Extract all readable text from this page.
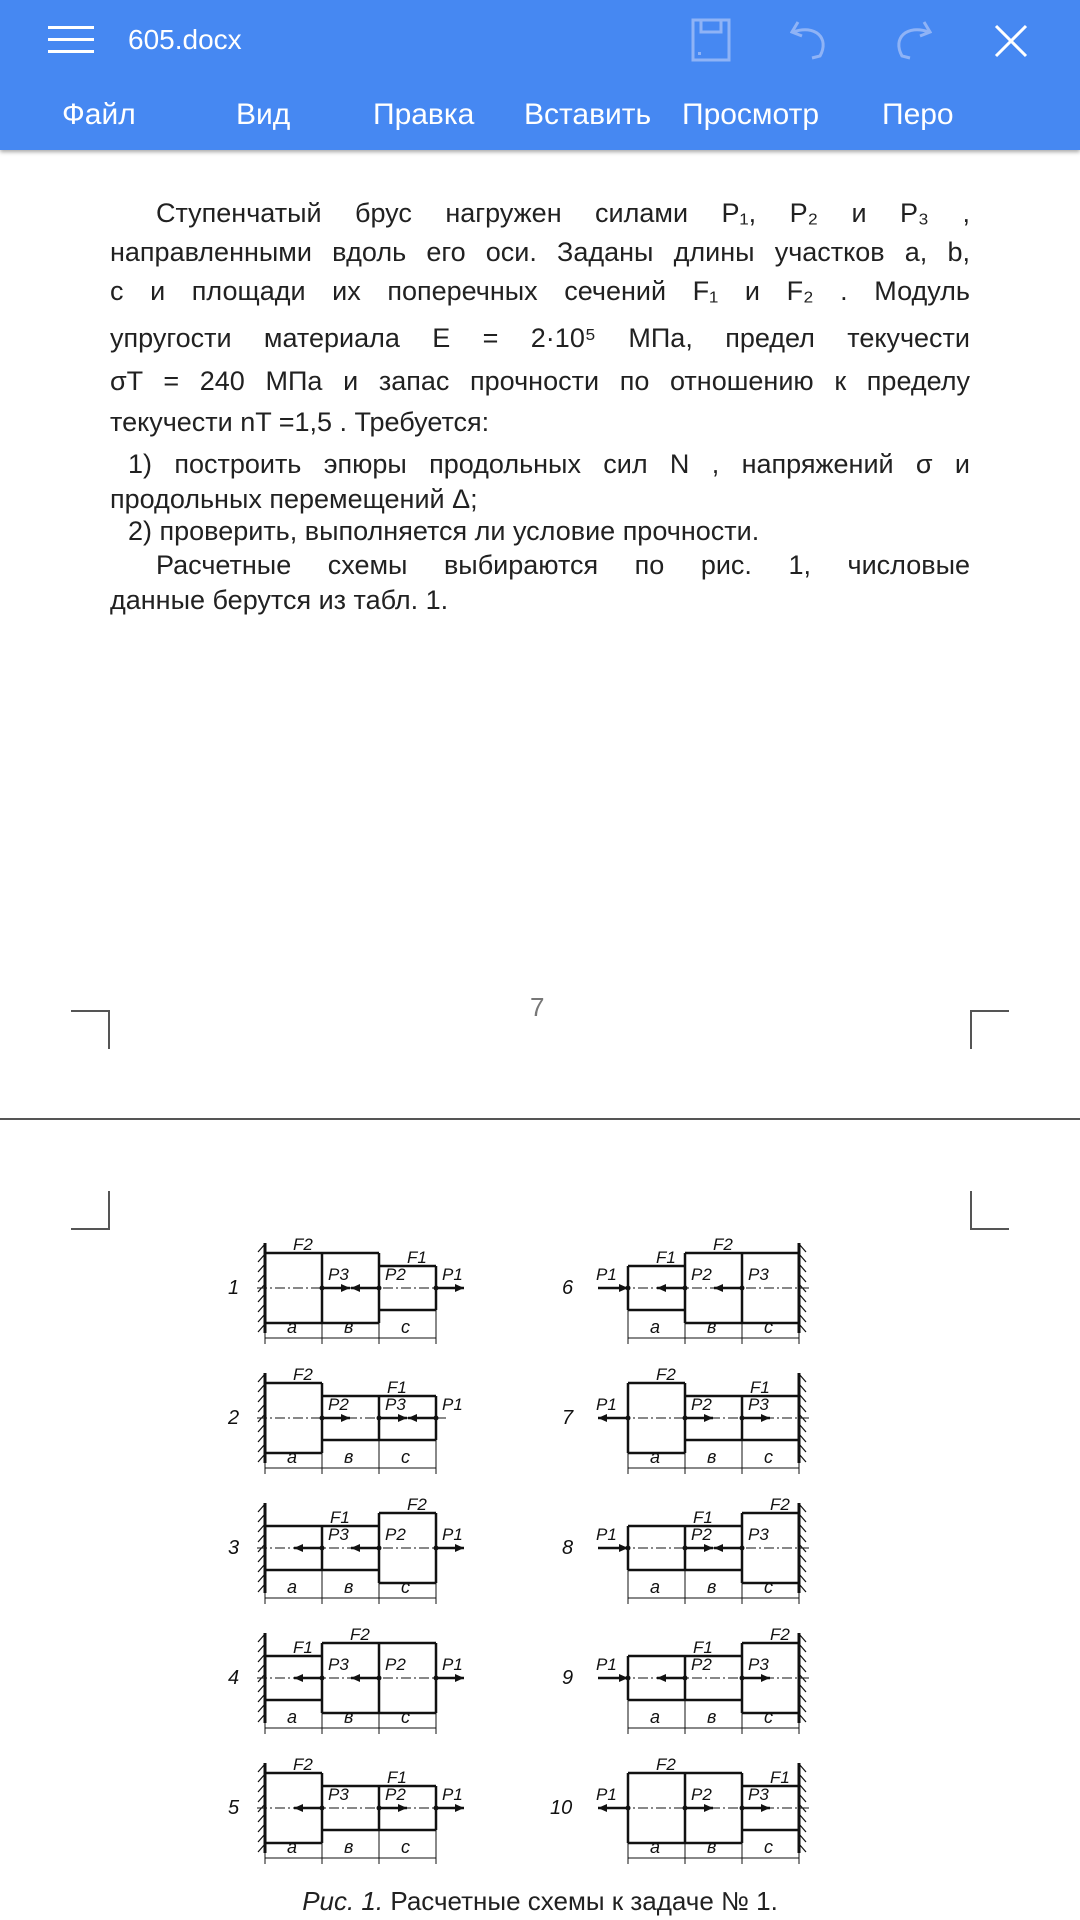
605.docx
Файл	Вид	Правка Вставить Просмотр Перо
Ступенчатый брус нагружен силами P₁, P₂ и P₃ ,
направленными вдоль его оси. Заданы длины участков a, b,
c и площади их поперечных сечений F₁ и F₂ . Модуль
упругости материала E = 2·10⁵ МПа, предел текучести
σT = 240 МПа и запас прочности по отношению к пределу
текучести nT =1,5 . Требуется:
1) построить эпюры продольных сил N , напряжений σ и
продольных перемещений Δ;
2) проверить, выполняется ли условие прочности.
Расчетные схемы выбираются по рис. 1, числовые
данные берутся из табл. 1.
7
1
F2
F1
P3 P2 P1
a	в	c
2
F2
F1
P2 P3 P1
a	в	c
3
F2
F1
P3 P2 P1
a	в	c
4
F2
F1
P3 P2 P1
a	в	c
5
F2
F1
P3 P2 P1
a	в	c
6
F2
F1
P1	P2 P3
a	в	c
7
F2
F1
P1	P2 P3
a	в	c
8
F2
F1
P1	P2 P3
a	в	c
9
F2
F1
P1	P2 P3
a	в	c
10
F2
F1
P1	P2 P3
a	в	c
Рис. 1. Расчетные схемы к задаче № 1.
